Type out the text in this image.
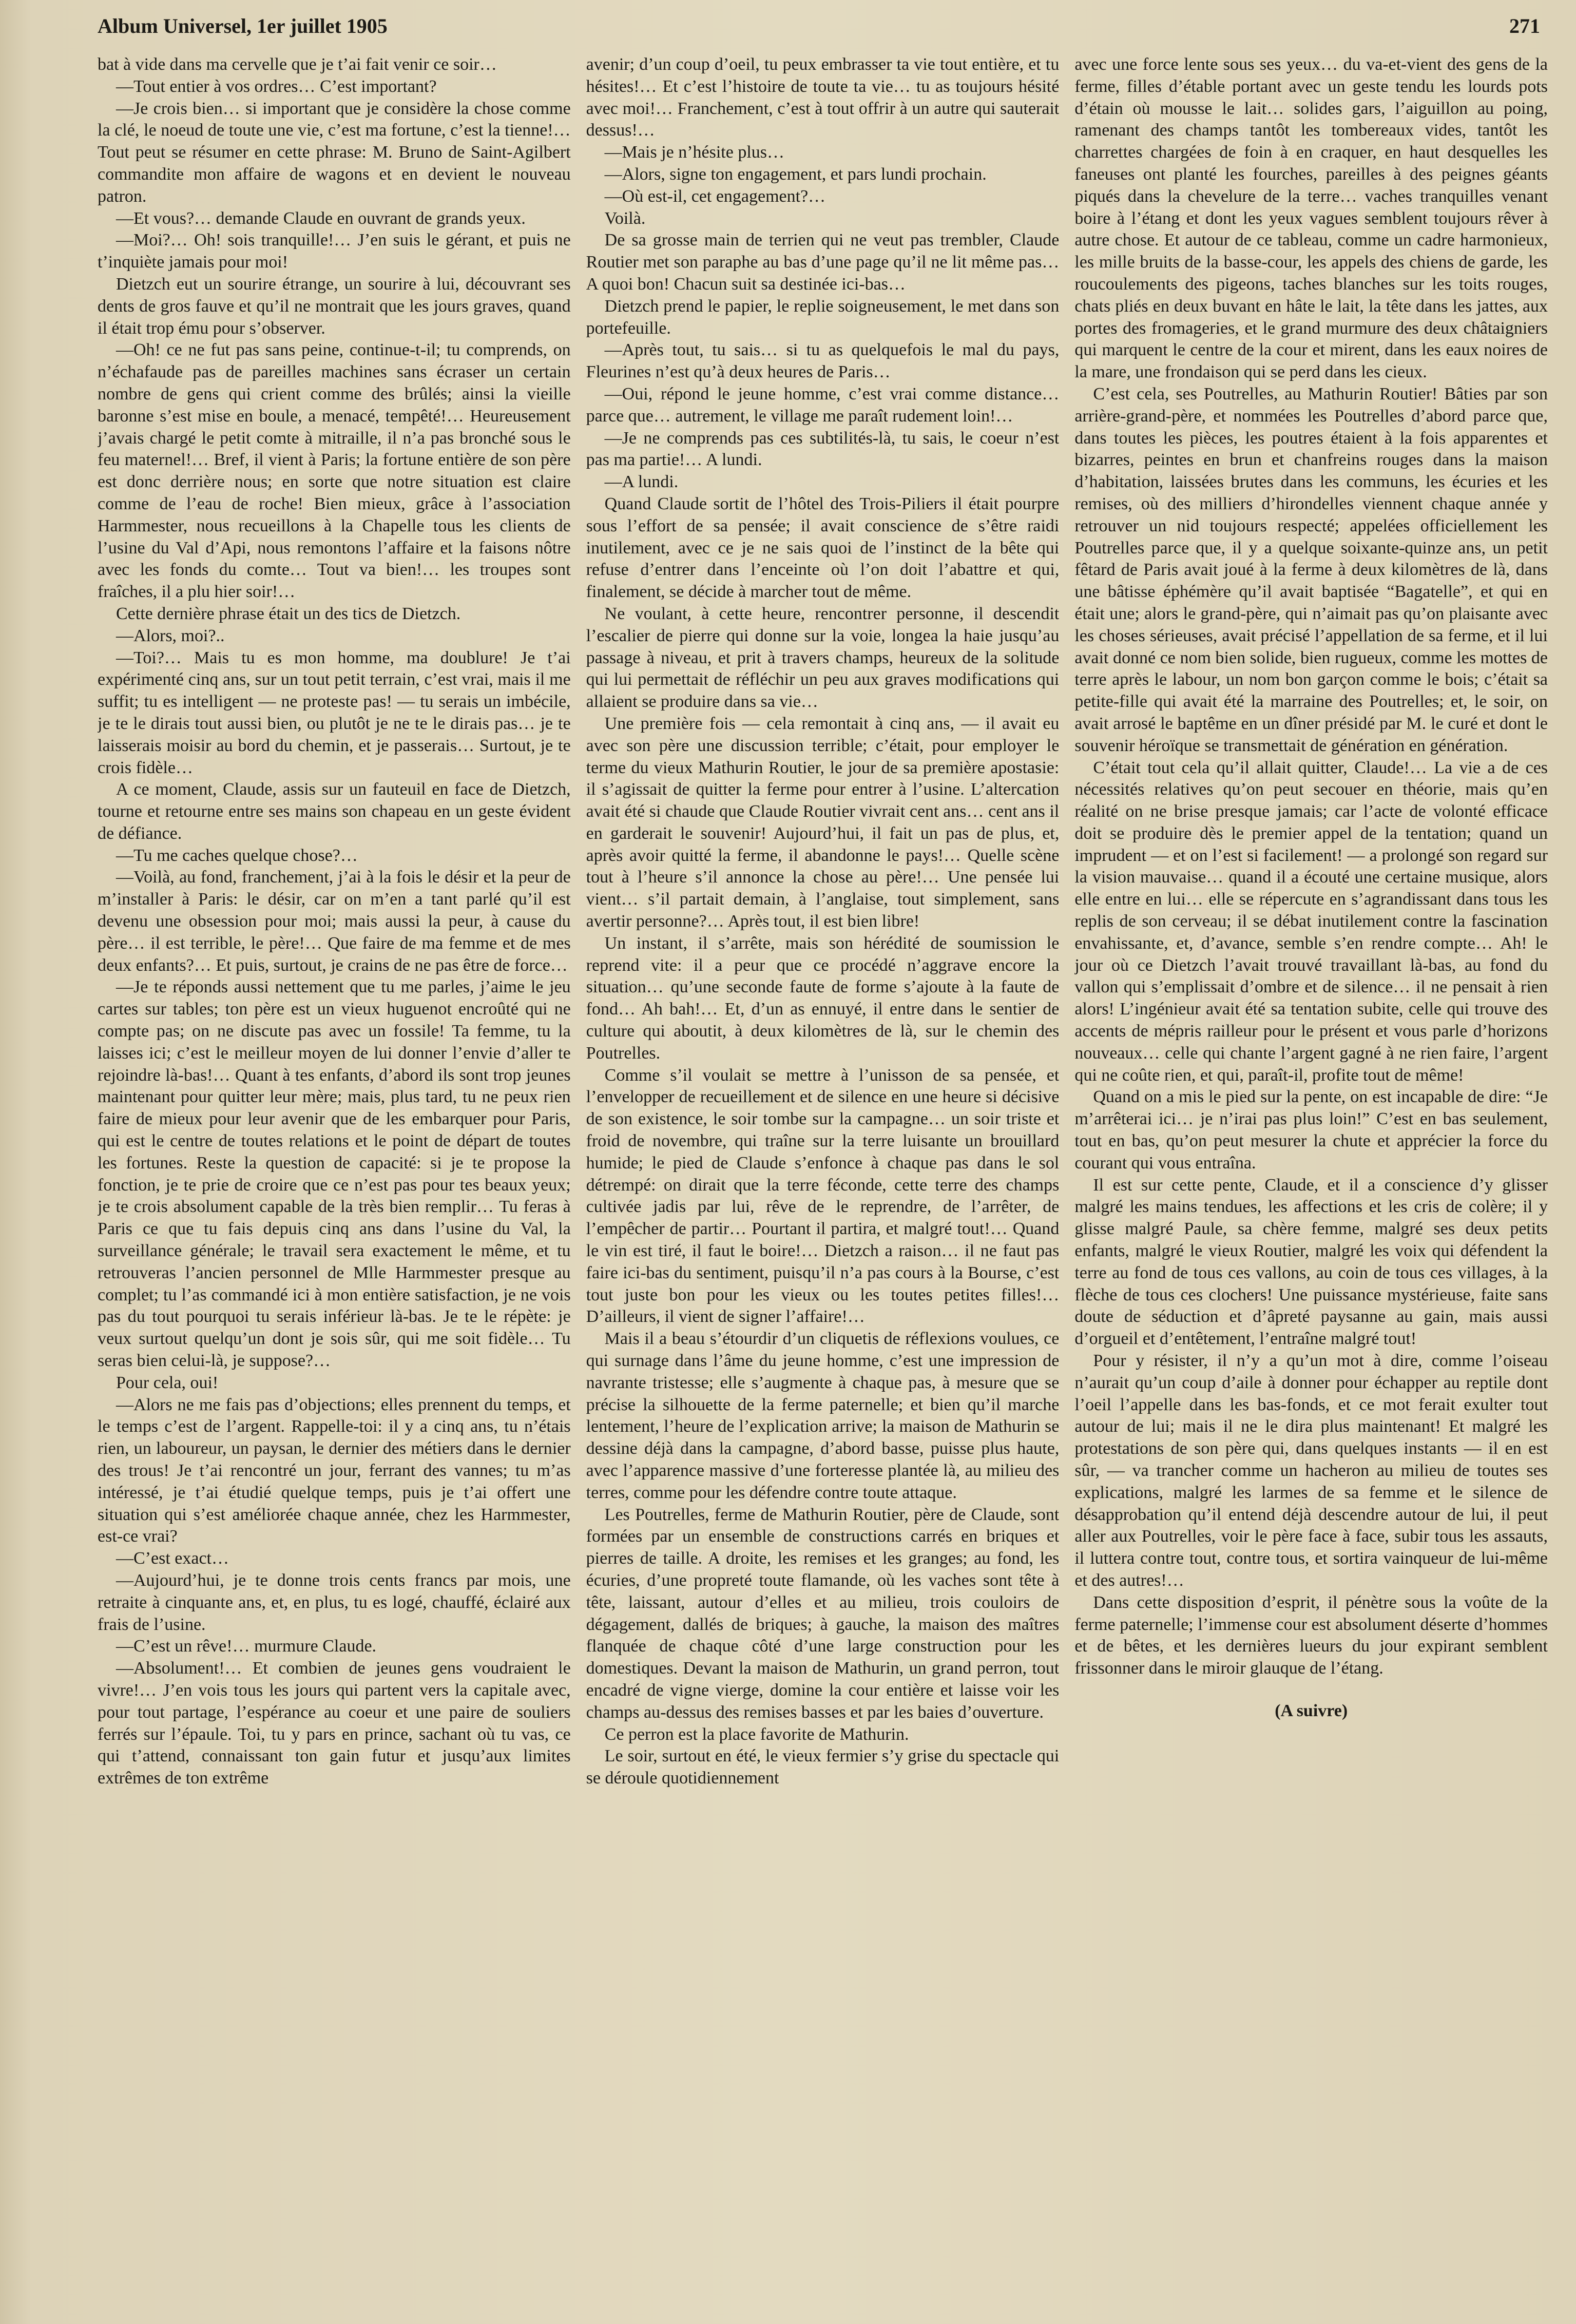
Album Universel, 1er juillet 1905	271

bat à vide dans ma cervelle que je t’ai fait venir ce soir…

—Tout entier à vos ordres… C’est important?

—Je crois bien… si important que je considère la chose comme la clé, le noeud de toute une vie, c’est ma fortune, c’est la tienne!… Tout peut se résumer en cette phrase: M. Bruno de Saint-Agilbert commandite mon affaire de wagons et en devient le nouveau patron.

—Et vous?… demande Claude en ouvrant de grands yeux.

—Moi?… Oh! sois tranquille!… J’en suis le gérant, et puis ne t’inquiète jamais pour moi!

Dietzch eut un sourire étrange, un sourire à lui, découvrant ses dents de gros fauve et qu’il ne montrait que les jours graves, quand il était trop ému pour s’observer.

—Oh! ce ne fut pas sans peine, continue-t-il; tu comprends, on n’échafaude pas de pareilles machines sans écraser un certain nombre de gens qui crient comme des brûlés; ainsi la vieille baronne s’est mise en boule, a menacé, tempêté!… Heureusement j’avais chargé le petit comte à mitraille, il n’a pas bronché sous le feu maternel!… Bref, il vient à Paris; la fortune entière de son père est donc derrière nous; en sorte que notre situation est claire comme de l’eau de roche! Bien mieux, grâce à l’association Harmmester, nous recueillons à la Chapelle tous les clients de l’usine du Val d’Api, nous remontons l’affaire et la faisons nôtre avec les fonds du comte… Tout va bien!… les troupes sont fraîches, il a plu hier soir!…

Cette dernière phrase était un des tics de Dietzch.

—Alors, moi?..

—Toi?… Mais tu es mon homme, ma doublure! Je t’ai expérimenté cinq ans, sur un tout petit terrain, c’est vrai, mais il me suffit; tu es intelligent — ne proteste pas! — tu serais un imbécile, je te le dirais tout aussi bien, ou plutôt je ne te le dirais pas… je te laisserais moisir au bord du chemin, et je passerais… Surtout, je te crois fidèle…

A ce moment, Claude, assis sur un fauteuil en face de Dietzch, tourne et retourne entre ses mains son chapeau en un geste évident de défiance.

—Tu me caches quelque chose?…

—Voilà, au fond, franchement, j’ai à la fois le désir et la peur de m’installer à Paris: le désir, car on m’en a tant parlé qu’il est devenu une obsession pour moi; mais aussi la peur, à cause du père… il est terrible, le père!… Que faire de ma femme et de mes deux enfants?… Et puis, surtout, je crains de ne pas être de force…

—Je te réponds aussi nettement que tu me parles, j’aime le jeu cartes sur tables; ton père est un vieux huguenot encroûté qui ne compte pas; on ne discute pas avec un fossile! Ta femme, tu la laisses ici; c’est le meilleur moyen de lui donner l’envie d’aller te rejoindre là-bas!… Quant à tes enfants, d’abord ils sont trop jeunes maintenant pour quitter leur mère; mais, plus tard, tu ne peux rien faire de mieux pour leur avenir que de les embarquer pour Paris, qui est le centre de toutes relations et le point de départ de toutes les fortunes. Reste la question de capacité: si je te propose la fonction, je te prie de croire que ce n’est pas pour tes beaux yeux; je te crois absolument capable de la très bien remplir… Tu feras à Paris ce que tu fais depuis cinq ans dans l’usine du Val, la surveillance générale; le travail sera exactement le même, et tu retrouveras l’ancien personnel de Mlle Harmmester presque au complet; tu l’as commandé ici à mon entière satisfaction, je ne vois pas du tout pourquoi tu serais inférieur là-bas. Je te le répète: je veux surtout quelqu’un dont je sois sûr, qui me soit fidèle… Tu seras bien celui-là, je suppose?…

Pour cela, oui!

—Alors ne me fais pas d’objections; elles prennent du temps, et le temps c’est de l’argent. Rappelle-toi: il y a cinq ans, tu n’étais rien, un laboureur, un paysan, le dernier des métiers dans le dernier des trous! Je t’ai rencontré un jour, ferrant des vannes; tu m’as intéressé, je t’ai étudié quelque temps, puis je t’ai offert une situation qui s’est améliorée chaque année, chez les Harmmester, est-ce vrai?

—C’est exact…

—Aujourd’hui, je te donne trois cents francs par mois, une retraite à cinquante ans, et, en plus, tu es logé, chauffé, éclairé aux frais de l’usine.

—C’est un rêve!… murmure Claude.

—Absolument!… Et combien de jeunes gens voudraient le vivre!… J’en vois tous les jours qui partent vers la capitale avec, pour tout partage, l’espérance au coeur et une paire de souliers ferrés sur l’épaule. Toi, tu y pars en prince, sachant où tu vas, ce qui t’attend, connaissant ton gain futur et jusqu’aux limites extrêmes de ton extrême

avenir; d’un coup d’oeil, tu peux embrasser ta vie tout entière, et tu hésites!… Et c’est l’histoire de toute ta vie… tu as toujours hésité avec moi!… Franchement, c’est à tout offrir à un autre qui sauterait dessus!…

—Mais je n’hésite plus…

—Alors, signe ton engagement, et pars lundi prochain.

—Où est-il, cet engagement?…

Voilà.

De sa grosse main de terrien qui ne veut pas trembler, Claude Routier met son paraphe au bas d’une page qu’il ne lit même pas… A quoi bon! Chacun suit sa destinée ici-bas…

Dietzch prend le papier, le replie soigneusement, le met dans son portefeuille.

—Après tout, tu sais… si tu as quelquefois le mal du pays, Fleurines n’est qu’à deux heures de Paris…

—Oui, répond le jeune homme, c’est vrai comme distance… parce que… autrement, le village me paraît rudement loin!…

—Je ne comprends pas ces subtilités-là, tu sais, le coeur n’est pas ma partie!… A lundi.

—A lundi.

Quand Claude sortit de l’hôtel des Trois-Piliers il était pourpre sous l’effort de sa pensée; il avait conscience de s’être raidi inutilement, avec ce je ne sais quoi de l’instinct de la bête qui refuse d’entrer dans l’enceinte où l’on doit l’abattre et qui, finalement, se décide à marcher tout de même.

Ne voulant, à cette heure, rencontrer personne, il descendit l’escalier de pierre qui donne sur la voie, longea la haie jusqu’au passage à niveau, et prit à travers champs, heureux de la solitude qui lui permettait de réfléchir un peu aux graves modifications qui allaient se produire dans sa vie…

Une première fois — cela remontait à cinq ans, — il avait eu avec son père une discussion terrible; c’était, pour employer le terme du vieux Mathurin Routier, le jour de sa première apostasie: il s’agissait de quitter la ferme pour entrer à l’usine. L’altercation avait été si chaude que Claude Routier vivrait cent ans… cent ans il en garderait le souvenir! Aujourd’hui, il fait un pas de plus, et, après avoir quitté la ferme, il abandonne le pays!… Quelle scène tout à l’heure s’il annonce la chose au père!… Une pensée lui vient… s’il partait demain, à l’anglaise, tout simplement, sans avertir personne?… Après tout, il est bien libre!

Un instant, il s’arrête, mais son hérédité de soumission le reprend vite: il a peur que ce procédé n’aggrave encore la situation… qu’une seconde faute de forme s’ajoute à la faute de fond… Ah bah!… Et, d’un as ennuyé, il entre dans le sentier de culture qui aboutit, à deux kilomètres de là, sur le chemin des Poutrelles.

Comme s’il voulait se mettre à l’unisson de sa pensée, et l’envelopper de recueillement et de silence en une heure si décisive de son existence, le soir tombe sur la campagne… un soir triste et froid de novembre, qui traîne sur la terre luisante un brouillard humide; le pied de Claude s’enfonce à chaque pas dans le sol détrempé: on dirait que la terre féconde, cette terre des champs cultivée jadis par lui, rêve de le reprendre, de l’arrêter, de l’empêcher de partir… Pourtant il partira, et malgré tout!… Quand le vin est tiré, il faut le boire!… Dietzch a raison… il ne faut pas faire ici-bas du sentiment, puisqu’il n’a pas cours à la Bourse, c’est tout juste bon pour les vieux ou les toutes petites filles!… D’ailleurs, il vient de signer l’affaire!…

Mais il a beau s’étourdir d’un cliquetis de réflexions voulues, ce qui surnage dans l’âme du jeune homme, c’est une impression de navrante tristesse; elle s’augmente à chaque pas, à mesure que se précise la silhouette de la ferme paternelle; et bien qu’il marche lentement, l’heure de l’explication arrive; la maison de Mathurin se dessine déjà dans la campagne, d’abord basse, puisse plus haute, avec l’apparence massive d’une forteresse plantée là, au milieu des terres, comme pour les défendre contre toute attaque.

Les Poutrelles, ferme de Mathurin Routier, père de Claude, sont formées par un ensemble de constructions carrés en briques et pierres de taille. A droite, les remises et les granges; au fond, les écuries, d’une propreté toute flamande, où les vaches sont tête à tête, laissant, autour d’elles et au milieu, trois couloirs de dégagement, dallés de briques; à gauche, la maison des maîtres flanquée de chaque côté d’une large construction pour les domestiques. Devant la maison de Mathurin, un grand perron, tout encadré de vigne vierge, domine la cour entière et laisse voir les champs au-dessus des remises basses et par les baies d’ouverture.

Ce perron est la place favorite de Mathurin.

Le soir, surtout en été, le vieux fermier s’y grise du spectacle qui se déroule quotidiennement

avec une force lente sous ses yeux… du va-et-vient des gens de la ferme, filles d’étable portant avec un geste tendu les lourds pots d’étain où mousse le lait… solides gars, l’aiguillon au poing, ramenant des champs tantôt les tombereaux vides, tantôt les charrettes chargées de foin à en craquer, en haut desquelles les faneuses ont planté les fourches, pareilles à des peignes géants piqués dans la chevelure de la terre… vaches tranquilles venant boire à l’étang et dont les yeux vagues semblent toujours rêver à autre chose. Et autour de ce tableau, comme un cadre harmonieux, les mille bruits de la basse-cour, les appels des chiens de garde, les roucoulements des pigeons, taches blanches sur les toits rouges, chats pliés en deux buvant en hâte le lait, la tête dans les jattes, aux portes des fromageries, et le grand murmure des deux châtaigniers qui marquent le centre de la cour et mirent, dans les eaux noires de la mare, une frondaison qui se perd dans les cieux.

C’est cela, ses Poutrelles, au Mathurin Routier! Bâties par son arrière-grand-père, et nommées les Poutrelles d’abord parce que, dans toutes les pièces, les poutres étaient à la fois apparentes et bizarres, peintes en brun et chanfreins rouges dans la maison d’habitation, laissées brutes dans les communs, les écuries et les remises, où des milliers d’hirondelles viennent chaque année y retrouver un nid toujours respecté; appelées officiellement les Poutrelles parce que, il y a quelque soixante-quinze ans, un petit fêtard de Paris avait joué à la ferme à deux kilomètres de là, dans une bâtisse éphémère qu’il avait baptisée “Bagatelle”, et qui en était une; alors le grand-père, qui n’aimait pas qu’on plaisante avec les choses sérieuses, avait précisé l’appellation de sa ferme, et il lui avait donné ce nom bien solide, bien rugueux, comme les mottes de terre après le labour, un nom bon garçon comme le bois; c’était sa petite-fille qui avait été la marraine des Poutrelles; et, le soir, on avait arrosé le baptême en un dîner présidé par M. le curé et dont le souvenir héroïque se transmettait de génération en génération.

C’était tout cela qu’il allait quitter, Claude!… La vie a de ces nécessités relatives qu’on peut secouer en théorie, mais qu’en réalité on ne brise presque jamais; car l’acte de volonté efficace doit se produire dès le premier appel de la tentation; quand un imprudent — et on l’est si facilement! — a prolongé son regard sur la vision mauvaise… quand il a écouté une certaine musique, alors elle entre en lui… elle se répercute en s’agrandissant dans tous les replis de son cerveau; il se débat inutilement contre la fascination envahissante, et, d’avance, semble s’en rendre compte… Ah! le jour où ce Dietzch l’avait trouvé travaillant là-bas, au fond du vallon qui s’emplissait d’ombre et de silence… il ne pensait à rien alors! L’ingénieur avait été sa tentation subite, celle qui trouve des accents de mépris railleur pour le présent et vous parle d’horizons nouveaux… celle qui chante l’argent gagné à ne rien faire, l’argent qui ne coûte rien, et qui, paraît-il, profite tout de même!

Quand on a mis le pied sur la pente, on est incapable de dire: “Je m’arrêterai ici… je n’irai pas plus loin!” C’est en bas seulement, tout en bas, qu’on peut mesurer la chute et apprécier la force du courant qui vous entraîna.

Il est sur cette pente, Claude, et il a conscience d’y glisser malgré les mains tendues, les affections et les cris de colère; il y glisse malgré Paule, sa chère femme, malgré ses deux petits enfants, malgré le vieux Routier, malgré les voix qui défendent la terre au fond de tous ces vallons, au coin de tous ces villages, à la flèche de tous ces clochers! Une puissance mystérieuse, faite sans doute de séduction et d’âpreté paysanne au gain, mais aussi d’orgueil et d’entêtement, l’entraîne malgré tout!

Pour y résister, il n’y a qu’un mot à dire, comme l’oiseau n’aurait qu’un coup d’aile à donner pour échapper au reptile dont l’oeil l’appelle dans les bas-fonds, et ce mot ferait exulter tout autour de lui; mais il ne le dira plus maintenant! Et malgré les protestations de son père qui, dans quelques instants — il en est sûr, — va trancher comme un hacheron au milieu de toutes ses explications, malgré les larmes de sa femme et le silence de désapprobation qu’il entend déjà descendre autour de lui, il peut aller aux Poutrelles, voir le père face à face, subir tous les assauts, il luttera contre tout, contre tous, et sortira vainqueur de lui-même et des autres!…

Dans cette disposition d’esprit, il pénètre sous la voûte de la ferme paternelle; l’immense cour est absolument déserte d’hommes et de bêtes, et les dernières lueurs du jour expirant semblent frissonner dans le miroir glauque de l’étang.

(A suivre)
